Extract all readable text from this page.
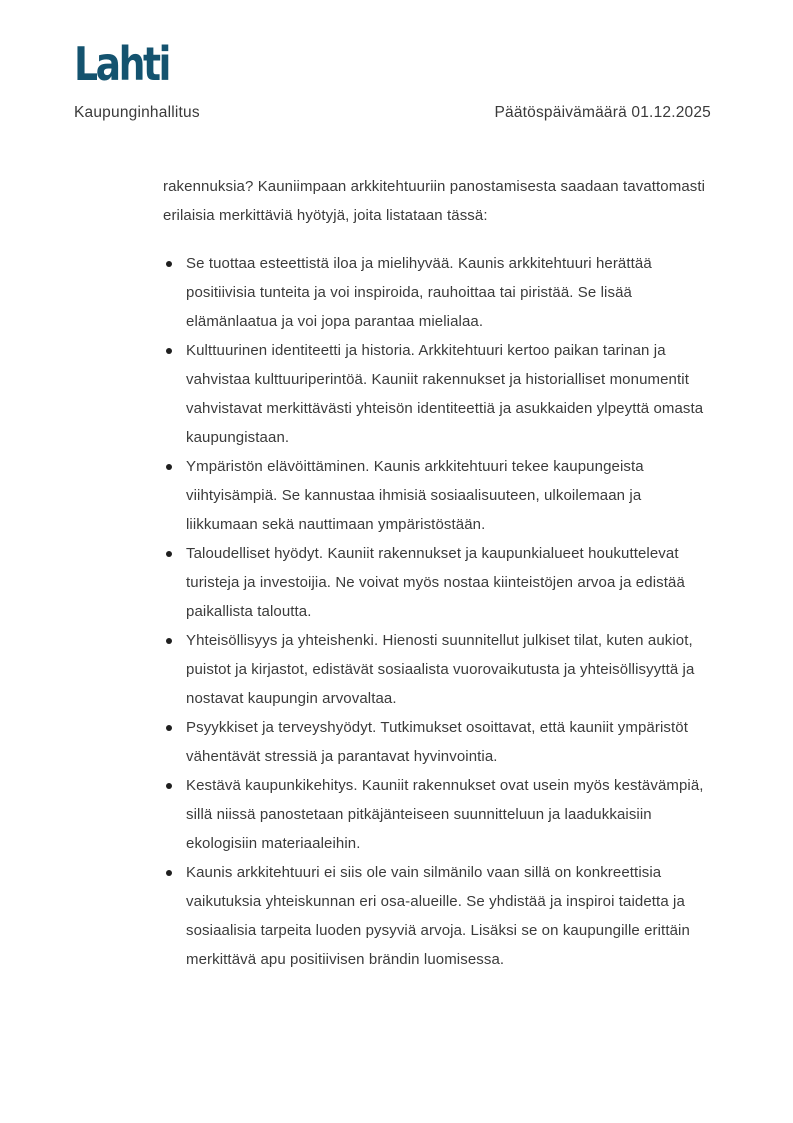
Lahti
Kaupunginhallitus	Päätöspäivämäärä 01.12.2025

rakennuksia? Kauniimpaan arkkitehtuuriin panostamisesta saadaan tavattomasti erilaisia merkittäviä hyötyjä, joita listataan tässä:

Se tuottaa esteettistä iloa ja mielihyvää. Kaunis arkkitehtuuri herättää positiivisia tunteita ja voi inspiroida, rauhoittaa tai piristää. Se lisää elämänlaatua ja voi jopa parantaa mielialaa.
Kulttuurinen identiteetti ja historia. Arkkitehtuuri kertoo paikan tarinan ja vahvistaa kulttuuriperintöä. Kauniit rakennukset ja historialliset monumentit vahvistavat merkittävästi yhteisön identiteettiä ja asukkaiden ylpeyttä omasta kaupungistaan.
Ympäristön elävöittäminen. Kaunis arkkitehtuuri tekee kaupungeista viihtyisämpiä. Se kannustaa ihmisiä sosiaalisuuteen, ulkoilemaan ja liikkumaan sekä nauttimaan ympäristöstään.
Taloudelliset hyödyt. Kauniit rakennukset ja kaupunkialueet houkuttelevat turisteja ja investoijia. Ne voivat myös nostaa kiinteistöjen arvoa ja edistää paikallista taloutta.
Yhteisöllisyys ja yhteishenki. Hienosti suunnitellut julkiset tilat, kuten aukiot, puistot ja kirjastot, edistävät sosiaalista vuorovaikutusta ja yhteisöllisyyttä ja nostavat kaupungin arvovaltaa.
Psyykkiset ja terveyshyödyt. Tutkimukset osoittavat, että kauniit ympäristöt vähentävät stressiä ja parantavat hyvinvointia.
Kestävä kaupunkikehitys. Kauniit rakennukset ovat usein myös kestävämpiä, sillä niissä panostetaan pitkäjänteiseen suunnitteluun ja laadukkaisiin ekologisiin materiaaleihin.
Kaunis arkkitehtuuri ei siis ole vain silmänilo vaan sillä on konkreettisia vaikutuksia yhteiskunnan eri osa-alueille. Se yhdistää ja inspiroi taidetta ja sosiaalisia tarpeita luoden pysyviä arvoja. Lisäksi se on kaupungille erittäin merkittävä apu positiivisen brändin luomisessa.
